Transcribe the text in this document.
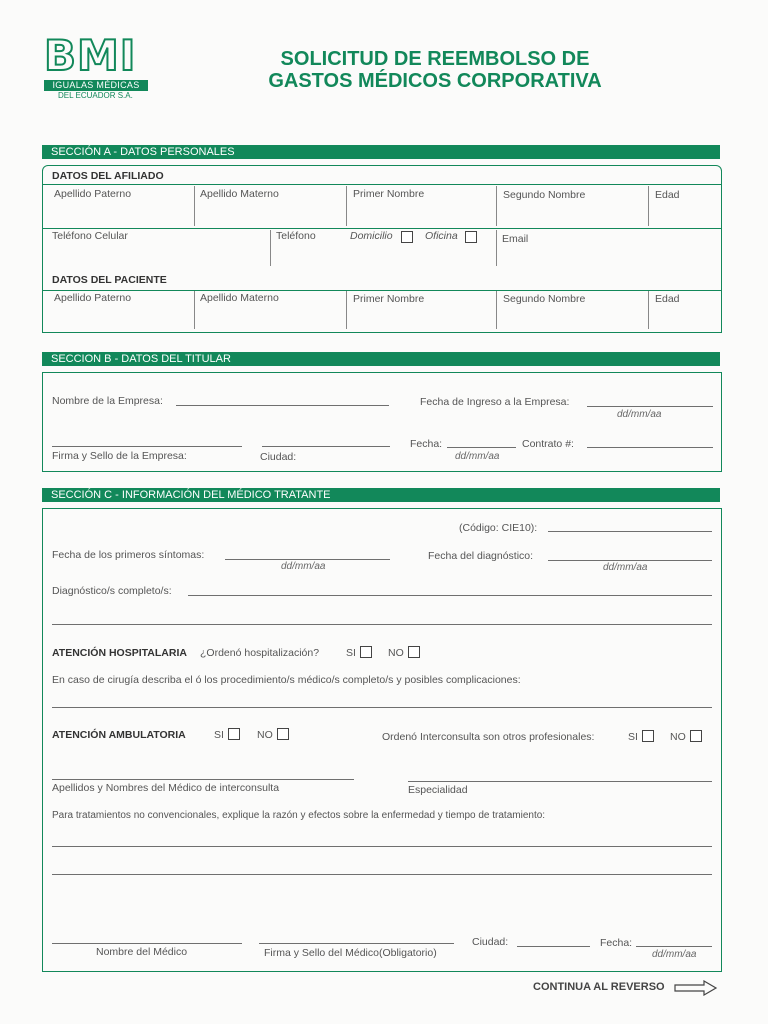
BMI
IGUALAS MÉDICAS
DEL ECUADOR S.A.
SOLICITUD DE REEMBOLSO DE
GASTOS MÉDICOS CORPORATIVA
SECCIÓN A - DATOS PERSONALES
DATOS DEL AFILIADO
Apellido Paterno	Apellido Materno	Primer Nombre	Segundo Nombre	Edad
Teléfono Celular	Teléfono	Domicilio	Oficina	Email
DATOS DEL PACIENTE
Apellido Paterno	Apellido Materno	Primer Nombre	Segundo Nombre	Edad
SECCION B - DATOS DEL TITULAR
Nombre de la Empresa:	Fecha de Ingreso a la Empresa:
dd/mm/aa
Fecha:	Contrato #:
Firma y Sello de la Empresa:	Ciudad:	dd/mm/aa
SECCIÓN C - INFORMACIÓN DEL MÉDICO TRATANTE
(Código: CIE10):
Fecha de los primeros síntomas:
dd/mm/aa
Fecha del diagnóstico:
dd/mm/aa
Diagnóstico/s completo/s:
ATENCIÓN HOSPITALARIA ¿Ordenó hospitalización?	SI	NO
En caso de cirugía describa el ó los procedimiento/s médico/s completo/s y posibles complicaciones:
ATENCIÓN AMBULATORIA	SI	NO	Ordenó Interconsulta son otros profesionales:	SI	NO
Apellidos y Nombres del Médico de interconsulta	Especialidad
Para tratamientos no convencionales, explique la razón y efectos sobre la enfermedad y tiempo de tratamiento:
Ciudad:	Fecha:
Nombre del Médico	Firma y Sello del Médico(Obligatorio)	dd/mm/aa
CONTINUA AL REVERSO
